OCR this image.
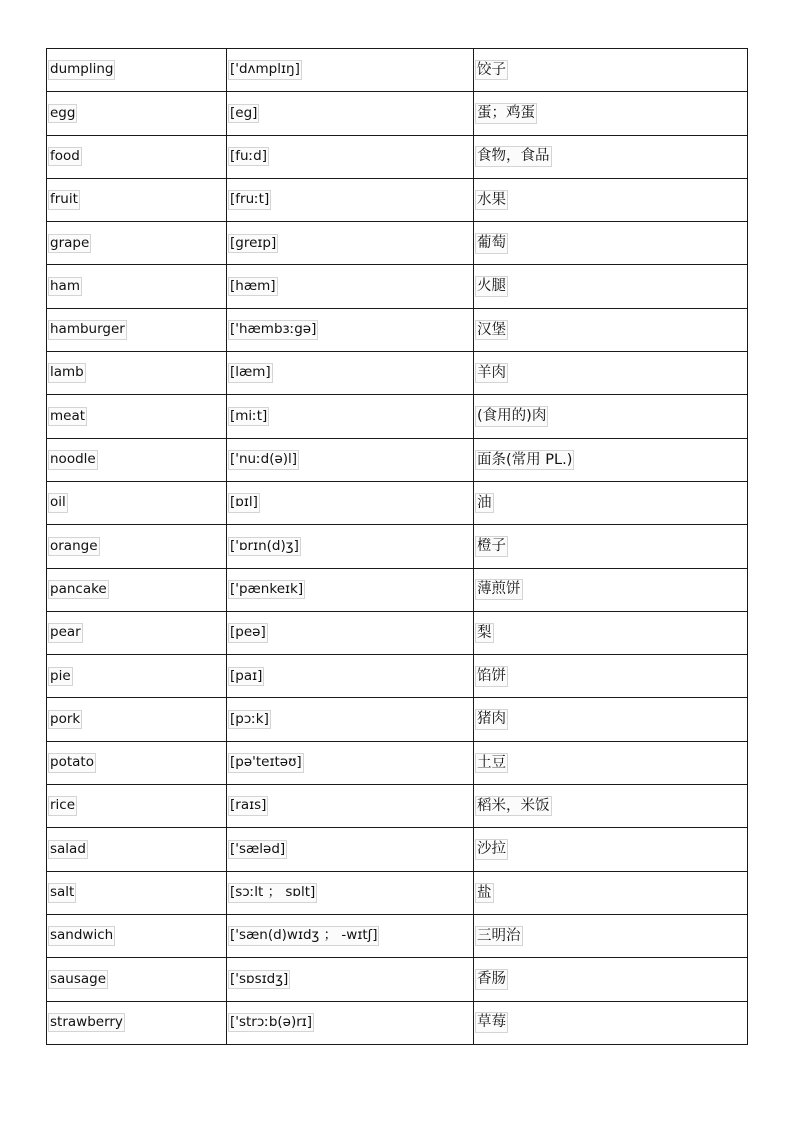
dumpling	['dʌmplɪŋ]	饺子
egg	[eg]	蛋；鸡蛋
food	[fuːd]	食物，食品
fruit	[fruːt]	水果
grape	[greɪp]	葡萄
ham	[hæm]	火腿
hamburger	['hæmbɜːgə]	汉堡
lamb	[læm]	羊肉
meat	[miːt]	(食用的)肉
noodle	['nuːd(ə)l]	面条(常用 PL.)
oil	[ɒɪl]	油
orange	['ɒrɪn(d)ʒ]	橙子
pancake	['pænkeɪk]	薄煎饼
pear	[peə]	梨
pie	[paɪ]	馅饼
pork	[pɔːk]	猪肉
potato	[pə'teɪtəʊ]	土豆
rice	[raɪs]	稻米，米饭
salad	['sæləd]	沙拉
salt	[sɔːlt ； sɒlt]	盐
sandwich	['sæn(d)wɪdʒ ； -wɪtʃ]	三明治
sausage	['sɒsɪdʒ]	香肠
strawberry	['strɔːb(ə)rɪ]	草莓
